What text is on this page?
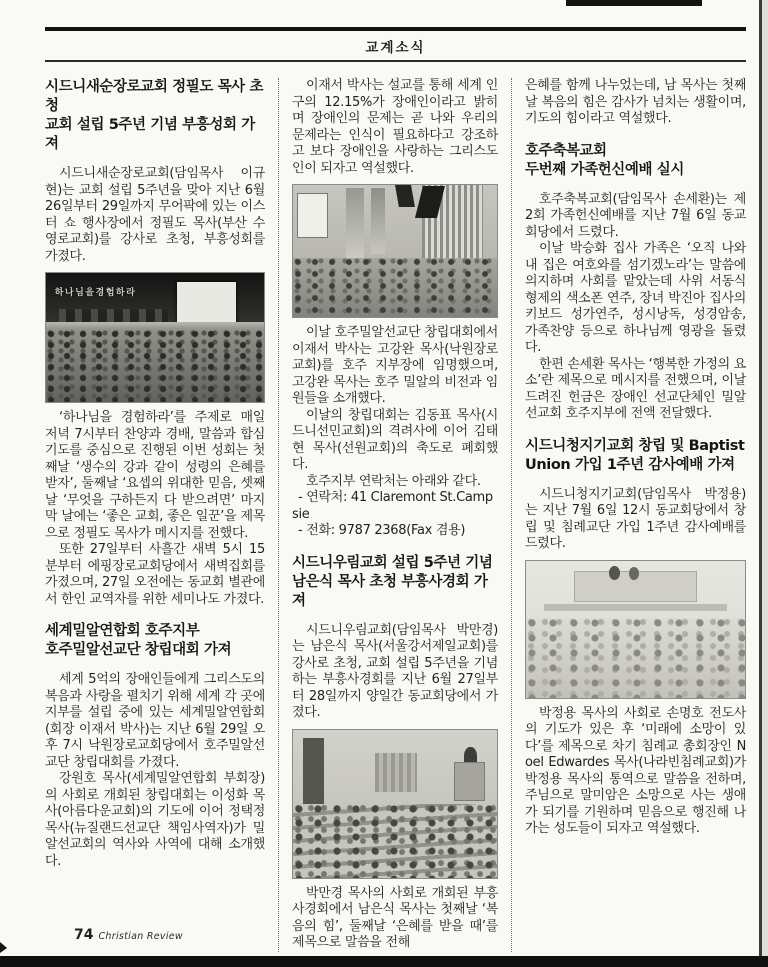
교계소식
시드니새순장로교회 정필도 목사 초청
교회 설립 5주년 기념 부흥성회 가져

시드니새순장로교회(담임목사 이규현)는 교회 설립 5주년을 맞아 지난 6월 26일부터 29일까지 무어팍에 있는 이스터 쇼 행사장에서 정필도 목사(부산 수영로교회)를 강사로 초청, 부흥성회를 가졌다.

하나님을경험하라

‘하나님을 경험하라’를 주제로 매일 저녁 7시부터 찬양과 경배, 말씀과 합심기도를 중심으로 진행된 이번 성회는 첫째날 ‘생수의 강과 같이 성령의 은혜를 받자’, 둘째날 ‘요셉의 위대한 믿음, 셋째날 ‘무엇을 구하든지 다 받으려면’ 마지막 날에는 ‘좋은 교회, 좋은 일꾼’을 제목으로 정필도 목사가 메시지를 전했다.

또한 27일부터 사흘간 새벽 5시 15분부터 에핑장로교회당에서 새벽집회를 가졌으며, 27일 오전에는 동교회 별관에서 한인 교역자를 위한 세미나도 가졌다.

세계밀알연합회 호주지부
호주밀알선교단 창립대회 가져

세계 5억의 장애인들에게 그리스도의 복음과 사랑을 펼치기 위해 세계 각 곳에 지부를 설립 중에 있는 세계밀알연합회(회장 이재서 박사)는 지난 6월 29일 오후 7시 낙원장로교회당에서 호주밀알선교단 창립대회를 가졌다.

강원호 목사(세계밀알연합회 부회장)의 사회로 개회된 창립대회는 이성화 목사(아름다운교회)의 기도에 이어 정택정 목사(뉴질랜드선교단 책임사역자)가 밀알선교회의 역사와 사역에 대해 소개했다.

이재서 박사는 설교를 통해 세계 인구의 12.15%가 장애인이라고 밝히며 장애인의 문제는 곧 나와 우리의 문제라는 인식이 필요하다고 강조하고 보다 장애인을 사랑하는 그리스도인이 되자고 역설했다.

이날 호주밀알선교단 창립대회에서 이재서 박사는 고강완 목사(낙원장로교회)를 호주 지부장에 임명했으며, 고강완 목사는 호주 밀알의 비전과 임원들을 소개했다.

이날의 창립대회는 김동표 목사(시드니선민교회)의 격려사에 이어 김태현 목사(선원교회)의 축도로 폐회했다.

호주지부 연락처는 아래와 같다.

- 연락처: 41 Claremont St.Campsie

- 전화: 9787 2368(Fax 겸용)

시드니우림교회 설립 5주년 기념
남은식 목사 초청 부흥사경회 가져

시드니우림교회(담임목사 박만경)는 남은식 목사(서울강서제일교회)를 강사로 초청, 교회 설립 5주년을 기념하는 부흥사경회를 지난 6월 27일부터 28일까지 양일간 동교회당에서 가졌다.

박만경 목사의 사회로 개회된 부흥사경회에서 남은식 목사는 첫째날 ‘복음의 힘’, 둘째날 ‘은혜를 받을 때’를 제목으로 말씀을 전해

은혜를 함께 나누었는데, 남 목사는 첫째날 복음의 힘은 감사가 넘치는 생활이며, 기도의 힘이라고 역설했다.

호주축복교회
두번째 가족헌신예배 실시

호주축복교회(담임목사 손세환)는 제2회 가족헌신예배를 지난 7월 6일 동교회당에서 드렸다.

이날 박승화 집사 가족은 ‘오직 나와 내 집은 여호와를 섬기겠노라’는 말씀에 의지하며 사회를 맡았는데 사위 서동식 형제의 색소폰 연주, 장녀 박진아 집사의 키보드 성가연주, 성시낭독, 성경암송, 가족찬양 등으로 하나님께 영광을 돌렸다.

한편 손세환 목사는 ‘행복한 가정의 요소’란 제목으로 메시지를 전했으며, 이날 드려진 헌금은 장애인 선교단체인 밀알선교회 호주지부에 전액 전달했다.

시드니청지기교회 창립 및 Baptist
Union 가입 1주년 감사예배 가져

시드니청지기교회(담임목사 박정용)는 지난 7월 6일 12시 동교회당에서 창립 및 침례교단 가입 1주년 감사예배를 드렸다.

박정용 목사의 사회로 손명호 전도사의 기도가 있은 후 ‘미래에 소망이 있다’를 제목으로 차기 침례교 총회장인 Noel Edwardes 목사(나라빈침례교회)가 박정용 목사의 통역으로 말씀을 전하며, 주님으로 말미암은 소망으로 사는 생애가 되기를 기원하며 믿음으로 행진해 나가는 성도들이 되자고 역설했다.

74 Christian Review
